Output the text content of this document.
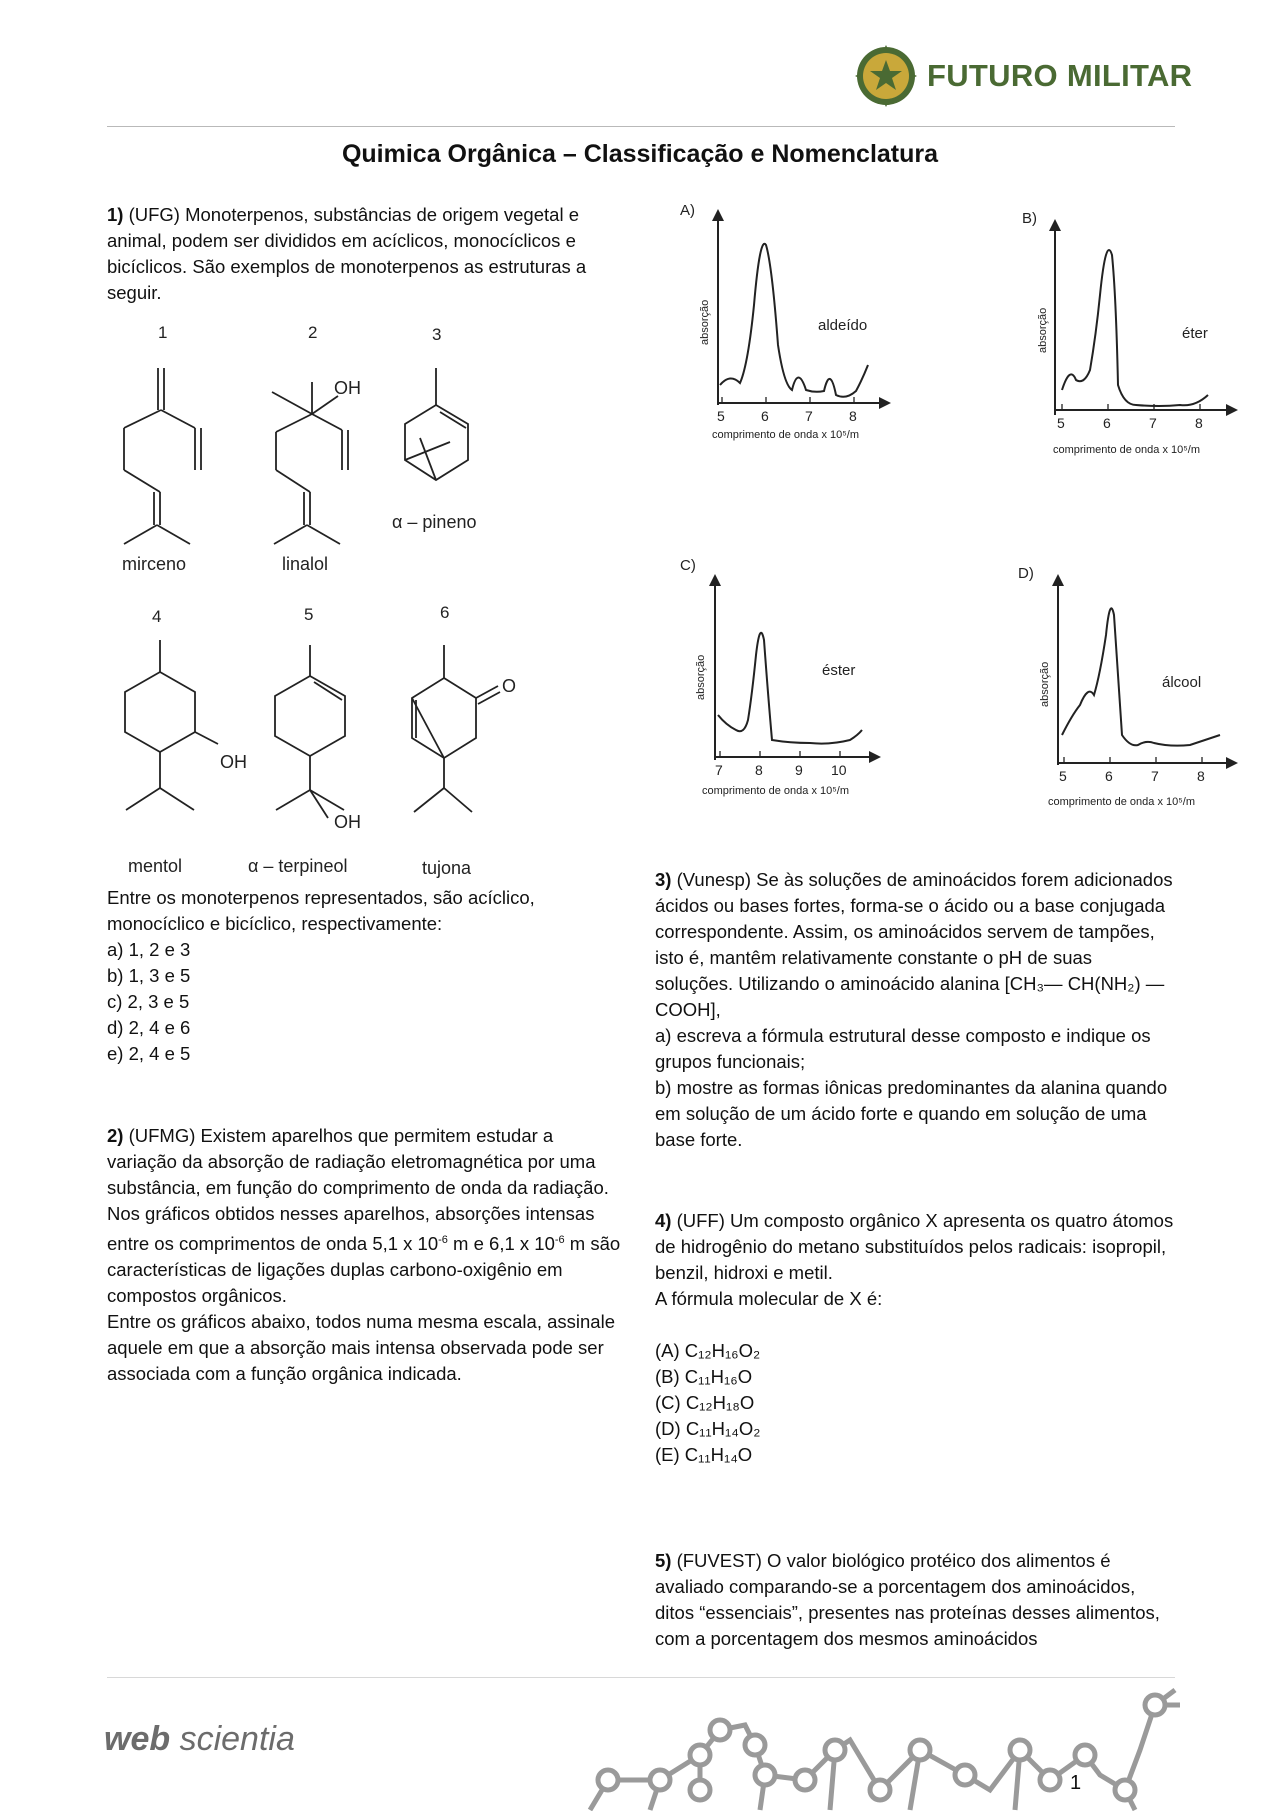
FUTURO MILITAR
Quimica Orgânica – Classificação e Nomenclatura
1) (UFG) Monoterpenos, substâncias de origem vegetal e animal, podem ser divididos em acíclicos, monocíclicos e bicíclicos. São exemplos de monoterpenos as estruturas a seguir.
1	2	3
4	5	6
OH
OH
OH
O
mirceno	linalol
α – pineno
mentol	α – terpineol	tujona
Entre os monoterpenos representados, são acíclico, monocíclico e bicíclico, respectivamente:
a) 1, 2 e 3
b) 1, 3 e 5
c) 2, 3 e 5
d) 2, 4 e 6
e) 2, 4 e 5
2) (UFMG) Existem aparelhos que permitem estudar a variação da absorção de radiação eletromagnética por uma substância, em função do comprimento de onda da radiação. Nos gráficos obtidos nesses aparelhos, absorções intensas entre os comprimentos de onda 5,1 x $10^{-6}$ m e 6,1 x $10^{-6}$ m são características de ligações duplas carbono-oxigênio em compostos orgânicos.
Entre os gráficos abaixo, todos numa mesma escala, assinale aquele em que a absorção mais intensa observada pode ser associada com a função orgânica indicada.
A)	B)
C)	D)
aldeído	éter
éster
álcool
absorção	absorção
absorção	absorção
5	6	7	8	5	6	7	8
7 8 9 10	5	6	7	8
comprimento de onda x 10⁵/m
comprimento de onda x 10⁵/m
comprimento de onda x 10⁵/m
comprimento de onda x 10⁵/m
3) (Vunesp) Se às soluções de aminoácidos forem adicionados ácidos ou bases fortes, forma-se o ácido ou a base conjugada correspondente. Assim, os aminoácidos servem de tampões, isto é, mantêm relativamente constante o pH de suas soluções. Utilizando o aminoácido alanina [CH₃— CH(NH₂) — COOH],
a) escreva a fórmula estrutural desse composto e indique os grupos funcionais;
b) mostre as formas iônicas predominantes da alanina quando em solução de um ácido forte e quando em solução de uma base forte.
4) (UFF) Um composto orgânico X apresenta os quatro átomos de hidrogênio do metano substituídos pelos radicais: isopropil, benzil, hidroxi e metil.
A fórmula molecular de X é:
(A) C₁₂H₁₆O₂
(B) C₁₁H₁₆O
(C) C₁₂H₁₈O
(D) C₁₁H₁₄O₂
(E) C₁₁H₁₄O
5) (FUVEST) O valor biológico protéico dos alimentos é avaliado comparando-se a porcentagem dos aminoácidos, ditos “essenciais”, presentes nas proteínas desses alimentos, com a porcentagem dos mesmos aminoácidos
web scientia
1
